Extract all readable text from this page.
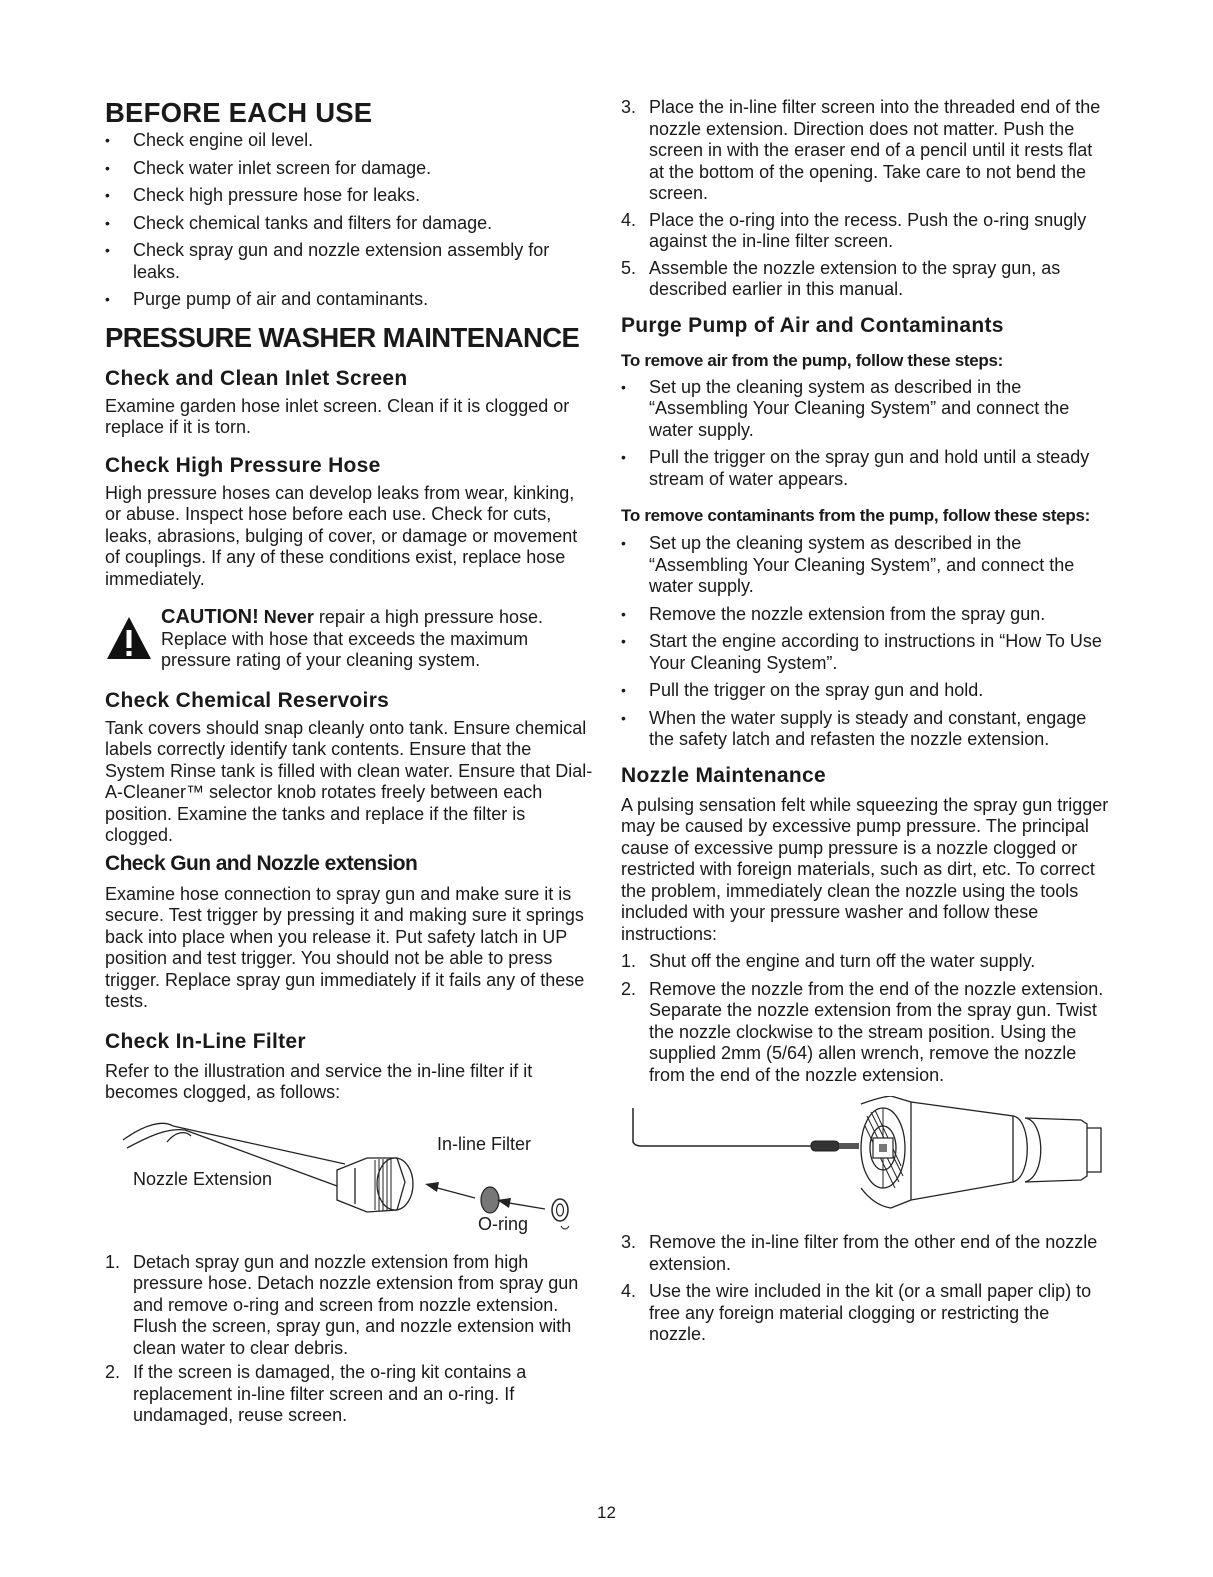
BEFORE EACH USE
• Check engine oil level.
• Check water inlet screen for damage.
• Check high pressure hose for leaks.
• Check chemical tanks and filters for damage.
• Check spray gun and nozzle extension assembly for leaks.
• Purge pump of air and contaminants.
PRESSURE WASHER MAINTENANCE
Check and Clean Inlet Screen

Examine garden hose inlet screen. Clean if it is clogged or replace if it is torn.

Check High Pressure Hose

High pressure hoses can develop leaks from wear, kinking, or abuse. Inspect hose before each use. Check for cuts, leaks, abrasions, bulging of cover, or damage or movement of couplings. If any of these conditions exist, replace hose immediately.

CAUTION! Never repair a high pressure hose. Replace with hose that exceeds the maximum pressure rating of your cleaning system.

Check Chemical Reservoirs

Tank covers should snap cleanly onto tank. Ensure chemical labels correctly identify tank contents. Ensure that the System Rinse tank is filled with clean water. Ensure that Dial-A-Cleaner™ selector knob rotates freely between each position. Examine the tanks and replace if the filter is clogged.

Check Gun and Nozzle extension

Examine hose connection to spray gun and make sure it is secure. Test trigger by pressing it and making sure it springs back into place when you release it. Put safety latch in UP position and test trigger. You should not be able to press trigger. Replace spray gun immediately if it fails any of these tests.

Check In-Line Filter

Refer to the illustration and service the in-line filter if it becomes clogged, as follows:

In-line Filter
Nozzle Extension
O-ring
1. Detach spray gun and nozzle extension from high pressure hose. Detach nozzle extension from spray gun and remove o-ring and screen from nozzle extension. Flush the screen, spray gun, and nozzle extension with clean water to clear debris.
2. If the screen is damaged, the o-ring kit contains a replacement in-line filter screen and an o-ring. If undamaged, reuse screen.
3. Place the in-line filter screen into the threaded end of the nozzle extension. Direction does not matter. Push the screen in with the eraser end of a pencil until it rests flat at the bottom of the opening. Take care to not bend the screen.
4. Place the o-ring into the recess. Push the o-ring snugly against the in-line filter screen.
5. Assemble the nozzle extension to the spray gun, as described earlier in this manual.
Purge Pump of Air and Contaminants
To remove air from the pump, follow these steps:
• Set up the cleaning system as described in the “Assembling Your Cleaning System” and connect the water supply.
• Pull the trigger on the spray gun and hold until a steady stream of water appears.
To remove contaminants from the pump, follow these steps:
• Set up the cleaning system as described in the “Assembling Your Cleaning System”, and connect the water supply.
• Remove the nozzle extension from the spray gun.
• Start the engine according to instructions in “How To Use Your Cleaning System”.
• Pull the trigger on the spray gun and hold.
• When the water supply is steady and constant, engage the safety latch and refasten the nozzle extension.
Nozzle Maintenance

A pulsing sensation felt while squeezing the spray gun trigger may be caused by excessive pump pressure. The principal cause of excessive pump pressure is a nozzle clogged or restricted with foreign materials, such as dirt, etc. To correct the problem, immediately clean the nozzle using the tools included with your pressure washer and follow these instructions:

1. Shut off the engine and turn off the water supply.
2. Remove the nozzle from the end of the nozzle extension. Separate the nozzle extension from the spray gun. Twist the nozzle clockwise to the stream position. Using the supplied 2mm (5/64) allen wrench, remove the nozzle from the end of the nozzle extension.
3. Remove the in-line filter from the other end of the nozzle extension.
4. Use the wire included in the kit (or a small paper clip) to free any foreign material clogging or restricting the nozzle.
12
